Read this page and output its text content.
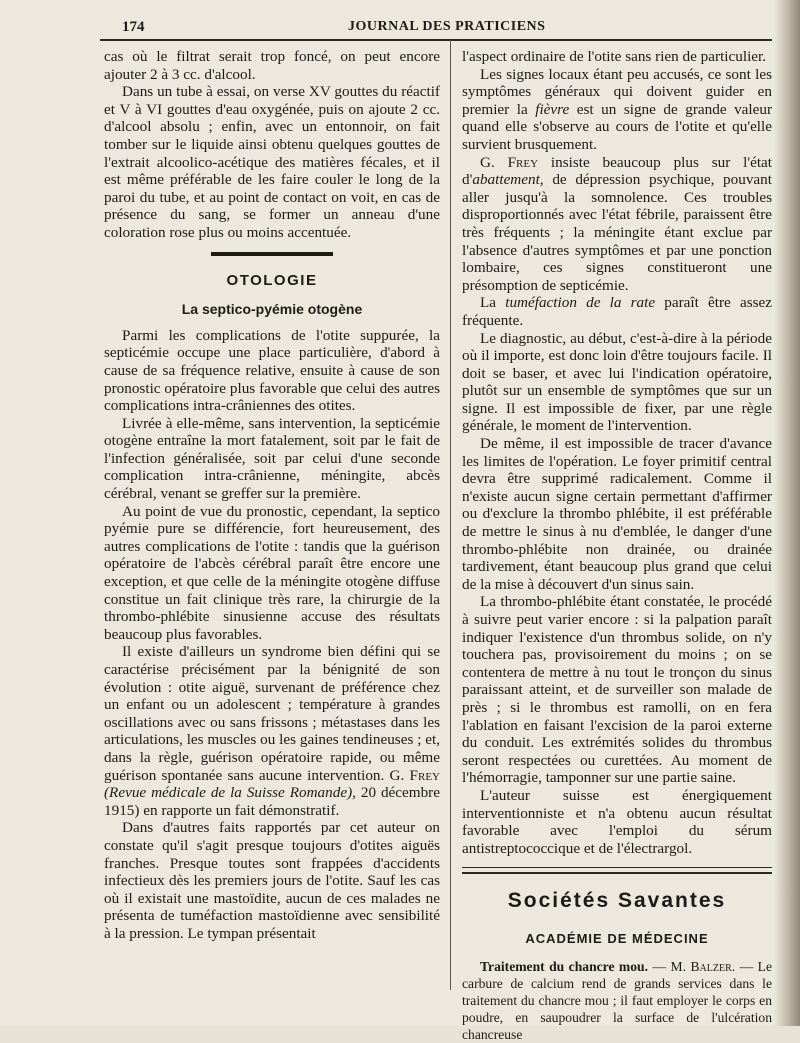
174	JOURNAL DES PRATICIENS

cas où le filtrat serait trop foncé, on peut encore ajouter 2 à 3 cc. d'alcool.

Dans un tube à essai, on verse XV gouttes du réactif et V à VI gouttes d'eau oxygénée, puis on ajoute 2 cc. d'alcool absolu ; enfin, avec un entonnoir, on fait tomber sur le liquide ainsi obtenu quelques gouttes de l'extrait alcoolico-acétique des matières fécales, et il est même préférable de les faire couler le long de la paroi du tube, et au point de contact on voit, en cas de présence du sang, se former un anneau d'une coloration rose plus ou moins accentuée.

OTOLOGIE
La septico-pyémie otogène

Parmi les complications de l'otite suppurée, la septicémie occupe une place particulière, d'abord à cause de sa fréquence relative, ensuite à cause de son pronostic opératoire plus favorable que celui des autres complications intra-crâniennes des otites.

Livrée à elle-même, sans intervention, la septicémie otogène entraîne la mort fatalement, soit par le fait de l'infection généralisée, soit par celui d'une seconde complication intra-crânienne, méningite, abcès cérébral, venant se greffer sur la première.

Au point de vue du pronostic, cependant, la septico pyémie pure se différencie, fort heureusement, des autres complications de l'otite : tandis que la guérison opératoire de l'abcès cérébral paraît être encore une exception, et que celle de la méningite otogène diffuse constitue un fait clinique très rare, la chirurgie de la thrombo-phlébite sinusienne accuse des résultats beaucoup plus favorables.

Il existe d'ailleurs un syndrome bien défini qui se caractérise précisément par la bénignité de son évolution : otite aiguë, survenant de préférence chez un enfant ou un adolescent ; température à grandes oscillations avec ou sans frissons ; métastases dans les articulations, les muscles ou les gaines tendineuses ; et, dans la règle, guérison opératoire rapide, ou même guérison spontanée sans aucune intervention. G. Frey (Revue médicale de la Suisse Romande), 20 décembre 1915) en rapporte un fait démonstratif.

Dans d'autres faits rapportés par cet auteur on constate qu'il s'agit presque toujours d'otites aiguës franches. Presque toutes sont frappées d'accidents infectieux dès les premiers jours de l'otite. Sauf les cas où il existait une mastoïdite, aucun de ces malades ne présenta de tuméfaction mastoïdienne avec sensibilité à la pression. Le tympan présentait

l'aspect ordinaire de l'otite sans rien de particulier.

Les signes locaux étant peu accusés, ce sont les symptômes généraux qui doivent guider en premier la fièvre est un signe de grande valeur quand elle s'observe au cours de l'otite et qu'elle survient brusquement.

G. Frey insiste beaucoup plus sur l'état d'abattement, de dépression psychique, pouvant aller jusqu'à la somnolence. Ces troubles disproportionnés avec l'état fébrile, paraissent être très fréquents ; la méningite étant exclue par l'absence d'autres symptômes et par une ponction lombaire, ces signes constitueront une présomption de septicémie.

La tuméfaction de la rate paraît être assez fréquente.

Le diagnostic, au début, c'est-à-dire à la période où il importe, est donc loin d'être toujours facile. Il doit se baser, et avec lui l'indication opératoire, plutôt sur un ensemble de symptômes que sur un signe. Il est impossible de fixer, par une règle générale, le moment de l'intervention.

De même, il est impossible de tracer d'avance les limites de l'opération. Le foyer primitif central devra être supprimé radicalement. Comme il n'existe aucun signe certain permettant d'affirmer ou d'exclure la thrombo phlébite, il est préférable de mettre le sinus à nu d'emblée, le danger d'une thrombo-phlébite non drainée, ou drainée tardivement, étant beaucoup plus grand que celui de la mise à découvert d'un sinus sain.

La thrombo-phlébite étant constatée, le procédé à suivre peut varier encore : si la palpation paraît indiquer l'existence d'un thrombus solide, on n'y touchera pas, provisoirement du moins ; on se contentera de mettre à nu tout le tronçon du sinus paraissant atteint, et de surveiller son malade de près ; si le thrombus est ramolli, on en fera l'ablation en faisant l'excision de la paroi externe du conduit. Les extrémités solides du thrombus seront respectées ou curettées. Au moment de l'hémorragie, tamponner sur une partie saine.

L'auteur suisse est énergiquement interventionniste et n'a obtenu aucun résultat favorable avec l'emploi du sérum antistreptococcique et de l'électrargol.

Sociétés Savantes
ACADÉMIE DE MÉDECINE

Traitement du chancre mou. — M. Balzer. — Le carbure de calcium rend de grands services dans le traitement du chancre mou ; il faut employer le corps en poudre, en saupoudrer la surface de l'ulcération chancreuse
